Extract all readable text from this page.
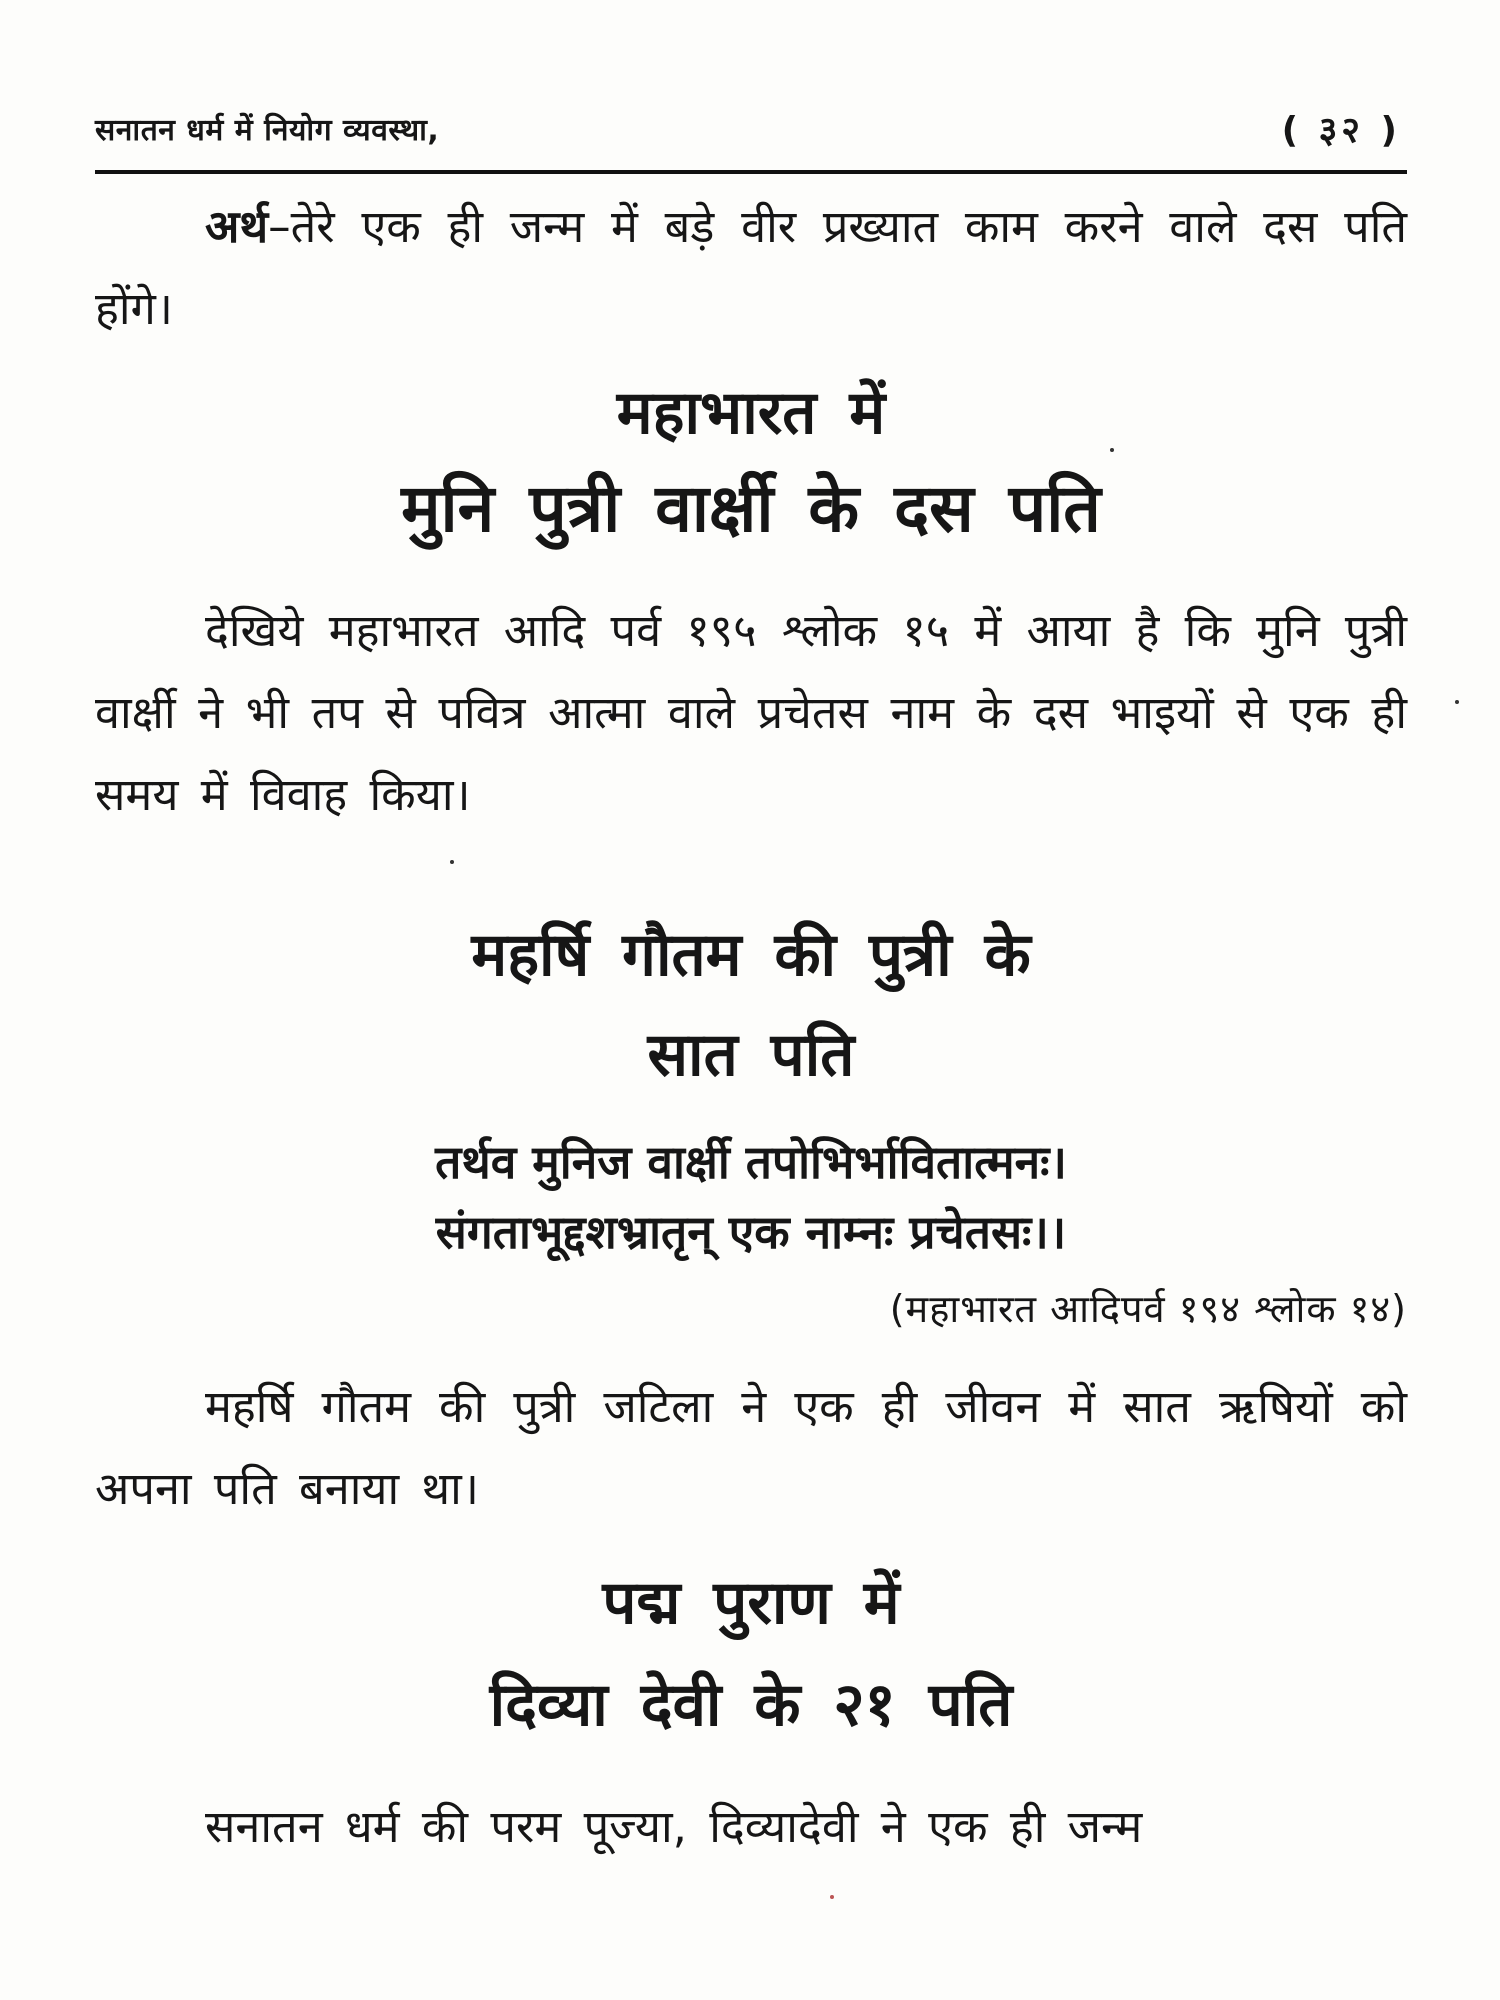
सनातन धर्म में नियोग व्यवस्था,	( ३२ )

अर्थ–तेरे एक ही जन्म में बड़े वीर प्रख्यात काम करने वाले दस पति होंगे।

महाभारत में
मुनि पुत्री वार्क्षी के दस पति

देखिये महाभारत आदि पर्व १९५ श्लोक १५ में आया है कि मुनि पुत्री वार्क्षी ने भी तप से पवित्र आत्मा वाले प्रचेतस नाम के दस भाइयों से एक ही समय में विवाह किया।

महर्षि गौतम की पुत्री के
सात पति
तर्थव मुनिज वार्क्षी तपोभिर्भावितात्मनः।
संगताभूद्दशभ्रातृन् एक नाम्नः प्रचेतसः।।
(महाभारत आदिपर्व १९४ श्लोक १४)

महर्षि गौतम की पुत्री जटिला ने एक ही जीवन में सात ऋषियों को अपना पति बनाया था।

पद्म पुराण में
दिव्या देवी के २१ पति

सनातन धर्म की परम पूज्या, दिव्यादेवी ने एक ही जन्म
